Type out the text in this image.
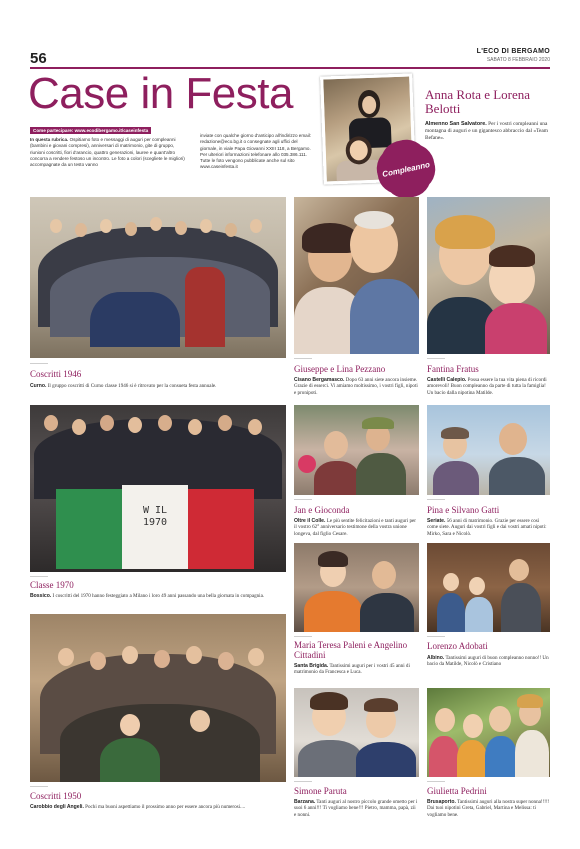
56	L'ECO DI BERGAMO
SABATO 8 FEBBRAIO 2020
Case in Festa
Come partecipare: www.ecodibergamo.it/caseinfesta

In questa rubrica. Ospitiamo foto e messaggi di auguri per compleanni (bambini e giovani compresi), anniversari di matrimonio, gite di gruppo, riunioni coscritti, fiori d'arancio, quattro generazioni, lauree e quant'altro concorra a rendere festoso un incontro. Le foto a colori (scegliete le migliori) accompagnate da un testo vanno

inviate con qualche giorno d'anticipo all'indirizzo email: redazione@eco.bg.it o consegnate agli uffici del giornale, in viale Papa Giovanni XXIII 118, a Bergamo. Per ulteriori informazioni telefonare allo 035.386.111. Tutte le foto vengono pubblicate anche sul sito www.caseinfesta.it	Compleanno
Anna Rota e Lorena Belotti

Almenno San Salvatore. Per i vostri compleanni una montagna di auguri e un gigantesco abbraccio dal «Team Befane».

Coscritti 1946

Curno. Il gruppo coscritti di Curno classe 1946 si è ritrovato per la consueta festa annuale.

Giuseppe e Lina Pezzano

Cisano Bergamasco. Dopo 63 anni siete ancora insieme. Grazie di esserci. Vi amiamo moltissimo, i vostri figli, nipoti e pronipoti.

Fantina Fratus

Castelli Calepio. Possa essere la tua vita piena di ricordi amorevoli! Buon compleanno da parte di tutta la famiglia! Un bacio dalla nipotina Matilde.

W IL 1970
Classe 1970

Bossico. I coscritti del 1970 hanno festeggiato a Milano i loro 49 anni passando una bella giornata in compagnia.

Jan e Gioconda

Oltre il Colle. Le più sentite felicitazioni e tanti auguri per il vostro 62° anniversario testimone della vostra unione longeva, dal figlio Cesare.

Pina e Silvano Gatti

Seriate. 56 anni di matrimonio. Grazie per essere così come siete. Auguri dai vostri figli e dai vostri amati nipoti: Mirko, Sara e Nicolò.

Maria Teresa Paleni e Angelino Cittadini

Santa Brigida. Tantissimi auguri per i vostri 45 anni di matrimonio da Francesca e Luca.

Lorenzo Adobati

Albino. Tantissimi auguri di buon compleanno nonno!! Un bacio da Matilde, Nicolò e Cristiano

Coscritti 1950

Carobbio degli Angeli. Pochi ma buoni aspettiamo il prossimo anno per essere ancora più numerosi....

Simone Paruta

Barzana. Tanti auguri al nostro piccolo grande ometto per i suoi 6 anni!!! Ti vogliamo bene!!! Pietro, mamma, papà, zii e nonni.

Giulietta Pedrini

Brusaporto. Tantissimi auguri alla nostra super nonna!!!!! Dai tuoi nipotini Greta, Gabriel, Martina e Melissa: ti vogliamo bene.
